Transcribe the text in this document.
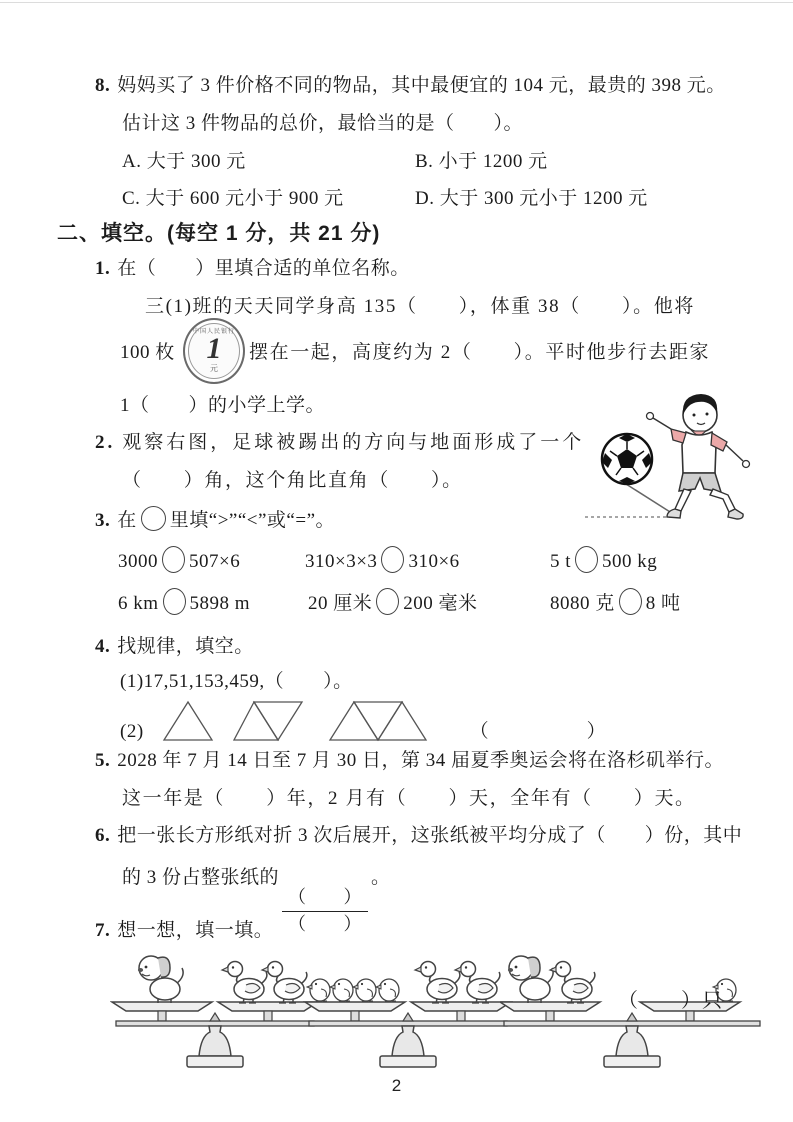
8. 妈妈买了 3 件价格不同的物品，其中最便宜的 104 元，最贵的 398 元。
估计这 3 件物品的总价，最恰当的是（　　）。
A. 大于 300 元	B. 小于 1200 元
C. 大于 600 元小于 900 元	D. 大于 300 元小于 1200 元
二、填空。(每空 1 分，共 21 分)
1. 在（　　）里填合适的单位名称。
三(1)班的天天同学身高 135（　　），体重 38（　　）。他将
100 枚
中国人民银行
1
元
摆在一起，高度约为 2（　　）。平时他步行去距家
1（　　）的小学上学。
2. 观察右图，足球被踢出的方向与地面形成了一个
（　　）角，这个角比直角（　　）。
3. 在 里填“>”“<”或“=”。
3000 507×6	310×3×3 310×6	5 t 500 kg
6 km 5898 m	20 厘米 200 毫米	8080 克 8 吨
4. 找规律，填空。
(1)17,51,153,459,（　　）。
(2)	（　　　　　）
5. 2028 年 7 月 14 日至 7 月 30 日，第 34 届夏季奥运会将在洛杉矶举行。
这一年是（　　）年，2 月有（　　）天，全年有（　　）天。
6. 把一张长方形纸对折 3 次后展开，这张纸被平均分成了（　　）份，其中
的 3 份占整张纸的
$\frac{( )}{( )}$
。
7. 想一想，填一填。
（　　）只
2
